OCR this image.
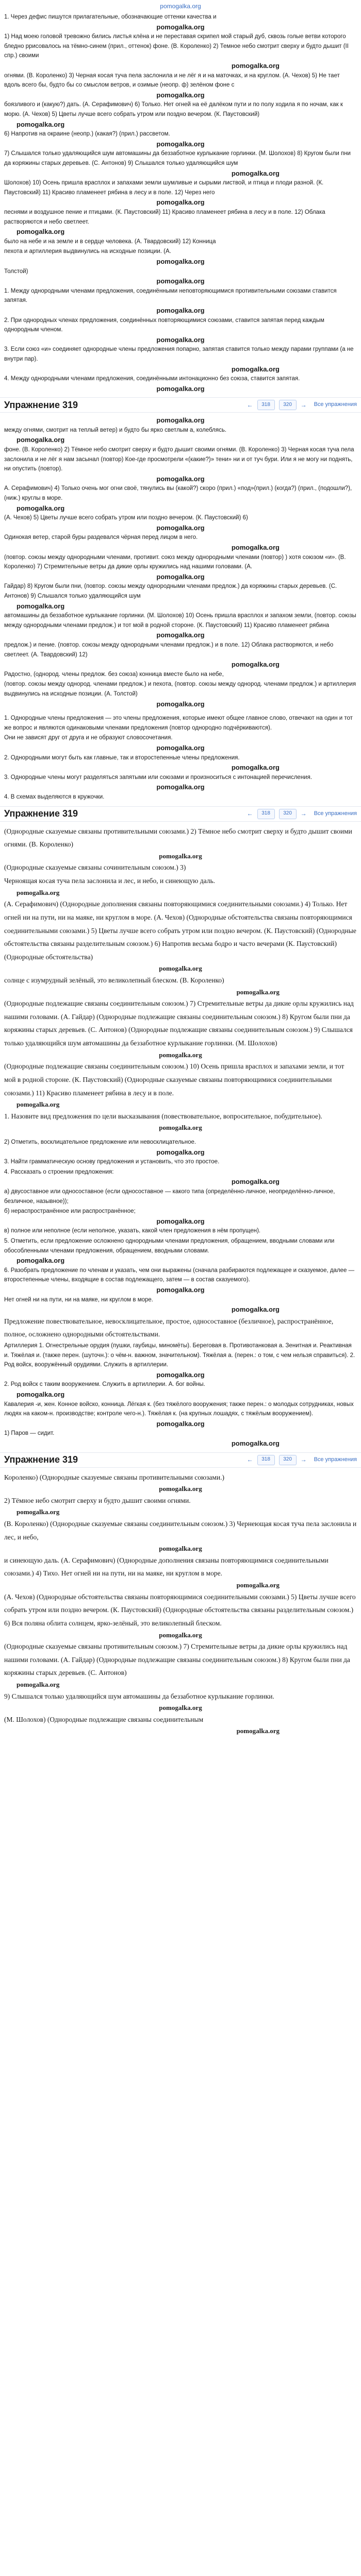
pomogalka.org

1. Через дефис пишутся прилагательные, обозначающие оттенки качества и

pomogalka.org

1) Над моею головой тревожно бились листья клёна и не переставая скрипел мой старый дуб, сквозь голые ветви которого бледно ррисовалось на тёмно-синем (прил., оттенок) фоне. (В. Короленко) 2) Темное небо смотрит сверху и будто дышит (II спр.) своими

pomogalka.org

огнями. (В. Короленко) 3) Черная косая туча пела заслонила и не лёг я и на маточках, и на круглом. (А. Чехов) 5) Не тает вдоль всего бы, будто бы со смыслом ветров, и озимые (неопр. ф) зелёном фоне с

pomogalka.org

боязливого и (какую?) дать. (А. Серафимович) 6) Только. Нет огней на её далёком пути и по полу ходила я по ночам, как к морю. (А. Чехов) 5) Цветы лучше всего собрать утром или поздно вечером. (К. Паустовский)

pomogalka.org

6) Напротив на окраине (неопр.) (какая?) (прил.) рассветом.

pomogalka.org

7) Слышался только удаляющийся шум автомашины да беззаботное курлыкание горлинки. (М. Шолохов) 8) Кругом были пни да коряжины старых деревьев. (С. Антонов) 9) Слышался только удаляющийся шум

pomogalka.org

Шолохов) 10) Осень пришла врасплох и запахами земли шумливые и сырыми листвой, и птица и плоди разной. (К. Паустовский) 11) Красиво пламенеет рябина в лесу и в поле. 12) Через него

pomogalka.org

песнями и воздушное пение и птицами. (К. Паустовский) 11) Красиво пламенеет рябина в лесу и в поле. 12) Облака растворяются и небо светлеет.

pomogalka.org

было на небе и на земле и в сердце человека. (А. Твардовский) 12) Конница

пехота и артиллерия выдвинулись на исходные позиции. (А.

pomogalka.org

Толстой)

pomogalka.org

1. Между однородными членами предложения, соединёнными неповторяющимися противительными союзами ставится запятая.

pomogalka.org

2. При однородных членах предложения, соединённых повторяющимися союзами, ставится запятая перед каждым однородным членом.

pomogalka.org

3. Если союз «и» соединяет однородные члены предложения попарно, запятая ставится только между парами группами (а не внутри пар).

pomogalka.org

4. Между однородными членами предложения, соединёнными интонационно без союза, ставится запятая.

pomogalka.org
Упражнение 319	←	318	320	→ Все упражнения
pomogalka.org

между огнями, смотрит на теплый ветер) и будто бы ярко светлым а, колеблясь.

pomogalka.org

фоне. (В. Короленко) 2) Тёмное небо смотрит сверху и будто дышит своими огнями. (В. Короленко) 3) Черная косая туча пела заслонила и не лёг я нам засынал (повтор) Кое-где просмотрели «(какие?)» тени» ни и от туч бури. Или я не могу ни поднять, ни опустить (повтор).

pomogalka.org

А. Серафимович) 4) Только очень мог огни своё, тянулись вы (какой?) скоро (прил.) «под»(прил.) (когда?) (прил., (подошли?), (ниж.) круглы в море.

pomogalka.org

(А. Чехов) 5) Цветы лучше всего собрать утром или поздно вечером. (К. Паустовский) 6)

pomogalka.org

Одинокая ветер, старой буры раздевался чёрная перед лицом в него.

pomogalka.org

(повтор. союзы между однородными членами, противит. союз между однородными членами (повтор) ) хотя союзом «и». (В. Короленко) 7) Стремительные ветры да дикие орлы кружились над нашими головами. (А.

pomogalka.org

Гайдар) 8) Кругом были пни, (повтор. союзы между однородными членами предлож.) да коряжины старых деревьев. (С. Антонов) 9) Слышался только удаляющийся шум

pomogalka.org

автомашины да беззаботное курлыкание горлинки. (М. Шолохов) 10) Осень пришла врасплох и запахом земли, (повтор. союзы между однородными членами предлож.) и тот мой в родной стороне. (К. Паустовский) 11) Красиво пламенеет рябина

pomogalka.org

предлож.) и пение. (повтор. союзы между однородными членами предлож.) и в поле. 12) Облака растворяются, и небо светлеет. (А. Твардовский) 12)

pomogalka.org

Радостно, (однород. члены предлож. без союза) конница вместе было на небе,

(повтор. союзы между однород. членами предлож.) и пехота, (повтор. союзы между однород. членами предлож.) и артиллерия выдвинулись на исходные позиции. (А. Толстой)

pomogalka.org

1. Однородные члены предложения — это члены предложения, которые имеют общее главное слово, отвечают на один и тот же вопрос и являются одинаковыми членами предложения (повтор однородно подчёркиваются).

Они не зависят друг от друга и не образуют словосочетания.

pomogalka.org

2. Однородными могут быть как главные, так и второстепенные члены предложения.

pomogalka.org

3. Однородные члены могут разделяться запятыми или союзами и произноситься с интонацией перечисления.

pomogalka.org

4. В схемах выделяются в кружочки.

Упражнение 319	←	318	320	→ Все упражнения

(Однородные сказуемые связаны противительными союзами.) 2) Тёмное небо смотрит сверху и будто дышит своими огнями. (В. Короленко)

pomogalka.org

(Однородные сказуемые связаны сочинительным союзом.) 3)

Черноящая косая туча пела заслонила и лес, и небо, и синеющую даль.

pomogalka.org

(А. Серафимович) (Однородные дополнения связаны повторяющимися соединительными союзами.) 4) Только. Нет огней ни на пути, ни на маяке, ни круглом в море. (А. Чехов) (Однородные обстоятельства связаны повторяющимися соединительными союзами.) 5) Цветы лучше всего собрать утром или поздно вечером. (К. Паустовский) (Однородные обстоятельства связаны разделительным союзом.) 6) Напротив весьма бодро и часто вечерами (К. Паустовский) (Однородные обстоятельства)

pomogalka.org

солнце с изумрудный зелёный, это великолепный блеском. (В. Короленко)

pomogalka.org

(Однородные подлежащие связаны соединительным союзом.) 7) Стремительные ветры да дикие орлы кружились над нашими головами. (А. Гайдар) (Однородные подлежащие связаны соединительным союзом.) 8) Кругом были пни да коряжины старых деревьев. (С. Антонов) (Однородные подлежащие связаны соединительным союзом.) 9) Слышался только удаляющийся шум автомашины да беззаботное курлыкание горлинки. (М. Шолохов)

pomogalka.org

(Однородные подлежащие связаны соединительным союзом.) 10) Осень пришла врасплох и запахами земли, и тот мой в родной стороне. (К. Паустовский) (Однородные сказуемые связаны повторяющимися соединительными союзами.) 11) Красиво пламенеет рябина в лесу и в поле.

pomogalka.org

1. Назовите вид предложения по цели высказывания (повествовательное, вопросительное, побудительное).

pomogalka.org

2) Отметить, восклицательное предложение или невосклицательное.

pomogalka.org

3. Найти грамматическую основу предложения и установить, что это простое.

4. Рассказать о строении предложения:

pomogalka.org

а) двусоставное или односоставное (если односоставное — какого типа (определённо-личное, неопределённо-личное, безличное, назывное));

б) нераспространённое или распространённое;

pomogalka.org

в) полное или неполное (если неполное, указать, какой член предложения в нём пропущен).

5. Отметить, если предложение осложнено однородными членами предложения, обращением, вводными словами или обособленными членами предложения, обращением, вводными словами.

pomogalka.org

6. Разобрать предложение по членам и указать, чем они выражены (сначала разбираются подлежащее и сказуемое, далее — второстепенные члены, входящие в состав подлежащего, затем — в состав сказуемого).

pomogalka.org

Нет огней ни на пути, ни на маяке, ни круглом в море.

pomogalka.org

Предложение повествовательное, невосклицательное, простое, односоставное (безличное), распространённое, полное, осложнено однородными обстоятельствами.

Артиллерия 1. Огнестрельные орудия (пушки, гаубицы, миномёты). Береговая в. Противотанковая а. Зенитная и. Реактивная и. Тяжёлая и. (также перен. (шуточн.): о чём-н. важном, значительном). Тяжёлая а. (перен.: о том, с чем нельзя справиться). 2. Род войск, вооружённый орудиями. Служить в артиллерии.

pomogalka.org

2. Род войск с таким вооружением. Служить в артиллерии. А. бог войны.

pomogalka.org

Кавалерия -и, жен. Конное войско, конница. Лёгкая к. (без тяжёлого вооружения; также перен.: о молодых сотрудниках, новых людях на каком-н. производстве; контроле чего-н.). Тяжёлая к. (на крупных лошадях, с тяжёлым вооружением).

pomogalka.org

1) Паров — сидит.

pomogalka.org

Упражнение 319	←	318	320	→ Все упражнения

Короленко) (Однородные сказуемые связаны противительными союзами.)

pomogalka.org

2) Тёмное небо смотрит сверху и будто дышит своими огнями.

pomogalka.org

(В. Короленко) (Однородные сказуемые связаны соединительным союзом.) 3) Чернеющая косая туча пела заслонила и лес, и небо,

pomogalka.org

и синеющую даль. (А. Серафимович) (Однородные дополнения связаны повторяющимися соединительными союзами.) 4) Тихо. Нет огней ни на пути, ни на маяке, ни круглом в море.

pomogalka.org

(А. Чехов) (Однородные обстоятельства связаны повторяющимися соединительными союзами.) 5) Цветы лучше всего собрать утром или поздно вечером. (К. Паустовский) (Однородные обстоятельства связаны разделительным союзом.) 6) Вся поляна облита солнцем, ярко-зелёный, это великолепный блеском.

pomogalka.org

(Однородные сказуемые связаны противительным союзом.) 7) Стремительные ветры да дикие орлы кружились над нашими головами. (А. Гайдар) (Однородные подлежащие связаны соединительным союзом.) 8) Кругом были пни да коряжины старых деревьев. (С. Антонов)

pomogalka.org

9) Слышался только удаляющийся шум автомашины да беззаботное курлыкание горлинки.

pomogalka.org

(М. Шолохов) (Однородные подлежащие связаны соединительным

pomogalka.org
